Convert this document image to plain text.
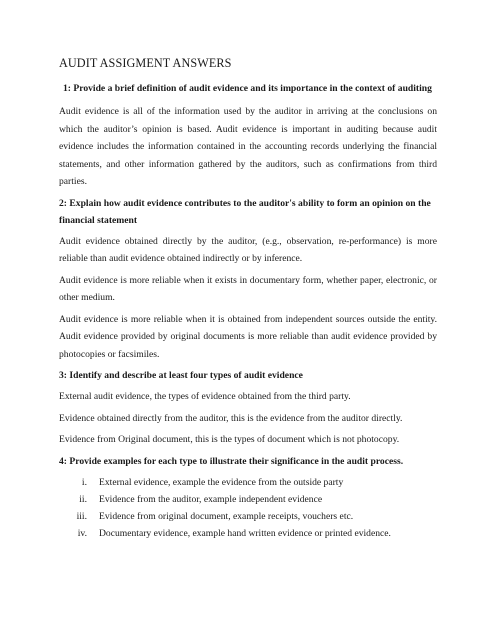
AUDIT ASSIGMENT ANSWERS

1: Provide a brief definition of audit evidence and its importance in the context of auditing

Audit evidence is all of the information used by the auditor in arriving at the conclusions on which the auditor’s opinion is based. Audit evidence is important in auditing because audit evidence includes the information contained in the accounting records underlying the financial statements, and other information gathered by the auditors, such as confirmations from third parties.

2: Explain how audit evidence contributes to the auditor's ability to form an opinion on the financial statement

Audit evidence obtained directly by the auditor, (e.g., observation, re-performance) is more reliable than audit evidence obtained indirectly or by inference.

Audit evidence is more reliable when it exists in documentary form, whether paper, electronic, or other medium.

Audit evidence is more reliable when it is obtained from independent sources outside the entity. Audit evidence provided by original documents is more reliable than audit evidence provided by photocopies or facsimiles.

3: Identify and describe at least four types of audit evidence

External audit evidence, the types of evidence obtained from the third party.

Evidence obtained directly from the auditor, this is the evidence from the auditor directly.

Evidence from Original document, this is the types of document which is not photocopy.

4: Provide examples for each type to illustrate their significance in the audit process.

i.	External evidence, example the evidence from the outside party
ii.	Evidence from the auditor, example independent evidence
iii.	Evidence from original document, example receipts, vouchers etc.
iv.	Documentary evidence, example hand written evidence or printed evidence.
